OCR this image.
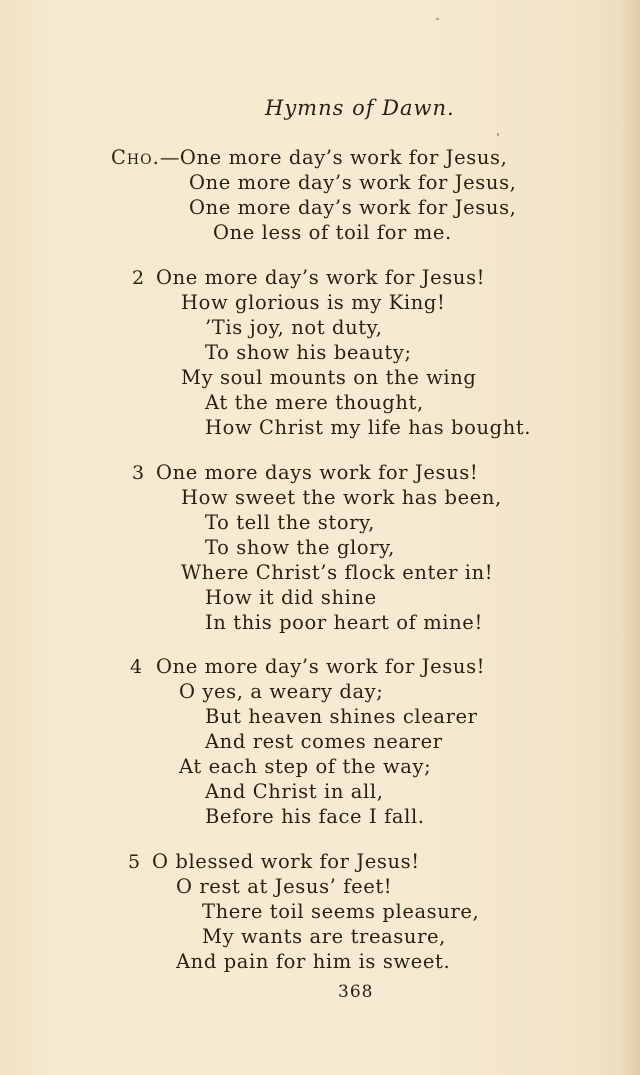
Hymns of Dawn.
Cho.—One more day’s work for Jesus,
One more day’s work for Jesus,
One more day’s work for Jesus,
One less of toil for me.
2 One more day’s work for Jesus!
How glorious is my King!
’Tis joy, not duty,
To show his beauty;
My soul mounts on the wing
At the mere thought,
How Christ my life has bought.
3 One more days work for Jesus!
How sweet the work has been,
To tell the story,
To show the glory,
Where Christ’s flock enter in!
How it did shine
In this poor heart of mine!
4 One more day’s work for Jesus!
O yes, a weary day;
But heaven shines clearer
And rest comes nearer
At each step of the way;
And Christ in all,
Before his face I fall.
5 O blessed work for Jesus!
O rest at Jesus’ feet!
There toil seems pleasure,
My wants are treasure,
And pain for him is sweet.
368
